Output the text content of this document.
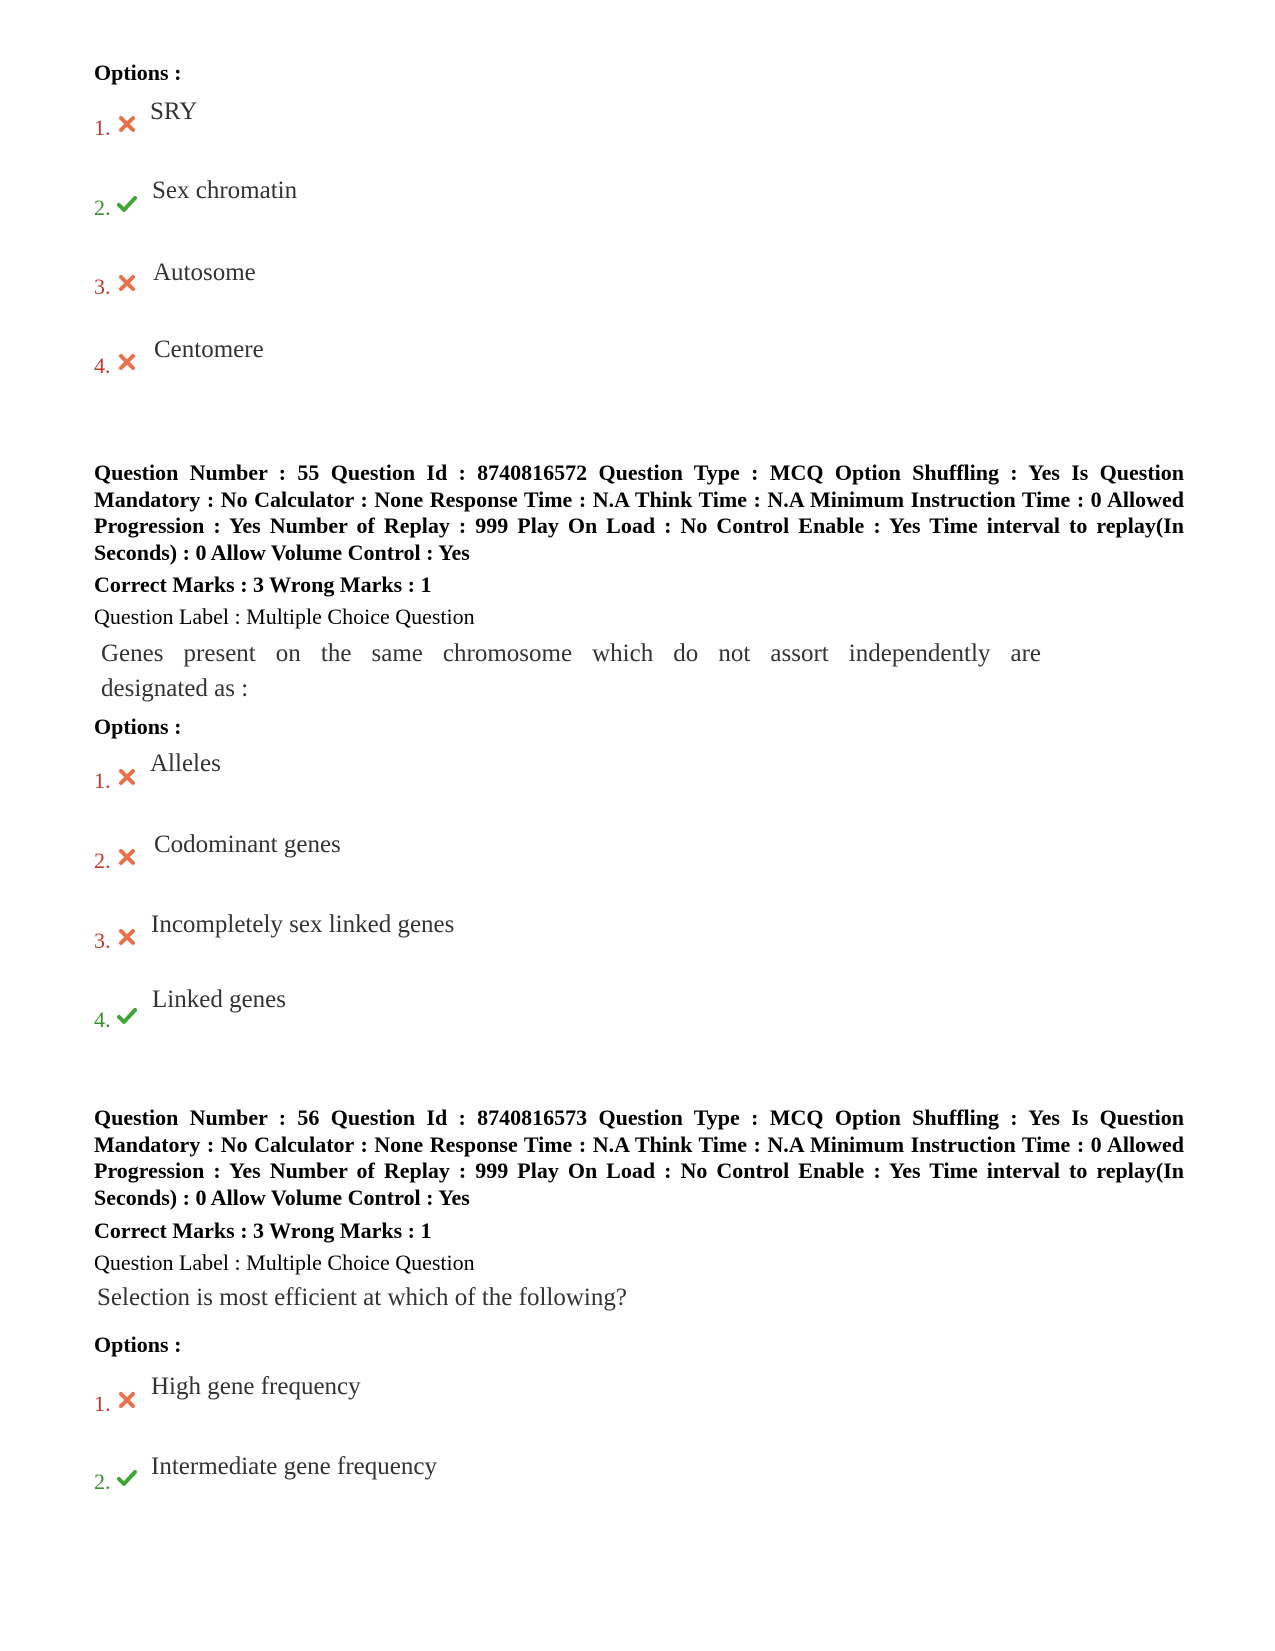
Options :
1.
SRY
2.
Sex chromatin
3.
Autosome
4.
Centomere
Question Number : 55 Question Id : 8740816572 Question Type : MCQ Option Shuffling : Yes Is Question Mandatory : No Calculator : None Response Time : N.A Think Time : N.A Minimum Instruction Time : 0 Allowed Progression : Yes Number of Replay : 999 Play On Load : No Control Enable : Yes Time interval to replay(In Seconds) : 0 Allow Volume Control : Yes
Correct Marks : 3 Wrong Marks : 1
Question Label : Multiple Choice Question
Genes present on the same chromosome which do not assort independently are
designated as :
Options :
1.
Alleles
2.
Codominant genes
3.
Incompletely sex linked genes
4.
Linked genes
Question Number : 56 Question Id : 8740816573 Question Type : MCQ Option Shuffling : Yes Is Question Mandatory : No Calculator : None Response Time : N.A Think Time : N.A Minimum Instruction Time : 0 Allowed Progression : Yes Number of Replay : 999 Play On Load : No Control Enable : Yes Time interval to replay(In Seconds) : 0 Allow Volume Control : Yes
Correct Marks : 3 Wrong Marks : 1
Question Label : Multiple Choice Question
Selection is most efficient at which of the following?
Options :
1.
High gene frequency
2.
Intermediate gene frequency
